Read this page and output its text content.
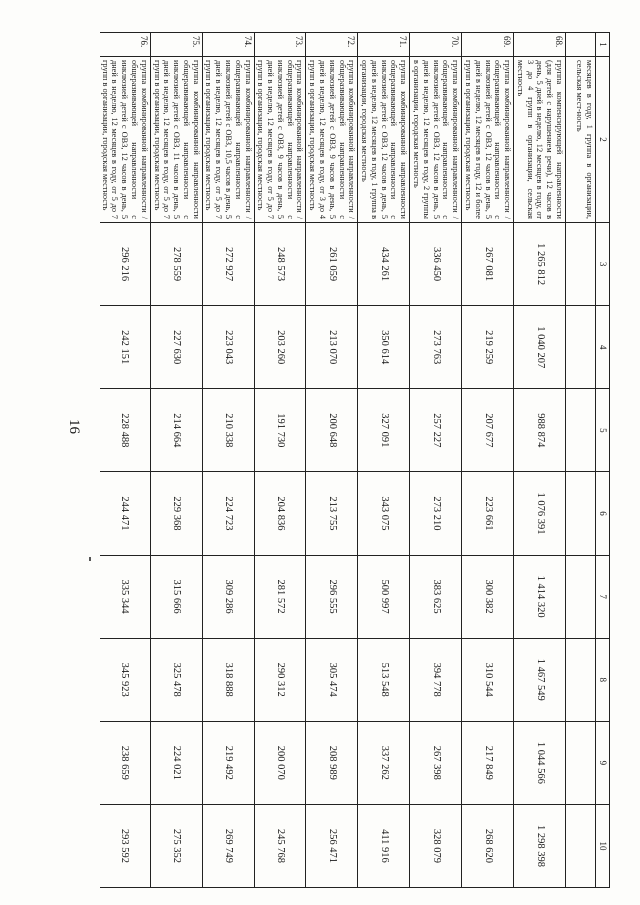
16
1	2	3	4	5	6	7	8	9	10
	месяцев в году, 1 группа в организации, сельская мест-ность								
68.	группа компенсирующей направленности (для детей с нарушением речи), 12 часов в день, 5 дней в неделю, 12 месяцев в году, от 3 до 4 групп в организации, сельская местность	1 265 812	1 040 207	988 874	1 076 391	1 414 320	1 467 549	1 044 566	1 298 398
69.	группа комбинированной направленности / общеразвивающей направленности с инклюзией детей с ОВЗ, 12 часов в день, 5 дней в неделю, 12 месяцев в году, 12 и более групп в организации, городская местность	267 081	219 259	207 677	223 661	300 382	310 544	217 849	268 620
70.	группа комбинированной направленности / общеразвивающей направленности с инклюзией детей с ОВЗ, 12 часов в день, 5 дней в неделю, 12 месяцев в году, 2 группы в организации, городская местность	336 450	273 763	257 227	273 210	383 625	394 778	267 398	328 079
71.	группа комбинированной направленности общеразвивающей направленности с инклюзией детей с ОВЗ, 12 часов в день, 5 дней в неделю, 12 месяцев в году, 1 группа в организации, городская местность	434 261	350 614	327 091	343 075	500 997	513 548	337 262	411 916
72.	группа комбинированной направленности / общеразвивающей направленности с инклюзией детей с ОВЗ, 9 часов в день, 5 дней в неделю, 12 месяцев в году, от 3 до 4 групп в организации, городская местность	261 059	213 070	200 648	213 755	296 555	305 474	208 989	256 471
73.	группа комбинированной направленности / общеразвивающей направленности с инклюзией детей с ОВЗ, 9 часов в день, 5 дней в неделю, 12 месяцев в году, от 5 до 7 групп в организации, городская местность	248 573	203 260	191 730	204 836	281 572	290 312	200 070	245 768
74.	группа комбинированной направленности / общеразвивающей направленности с инклюзией детей с ОВЗ, 10,5 часов в день, 5 дней в неделю, 12 месяцев в году, от 5 до 7 групп в организации, городская местность	272 927	223 043	210 338	224 723	309 286	318 888	219 492	269 749
75.	группа комбинированной направленности общеразвивающей направленности с инклюзией детей с ОВЗ, 11 часов в день, 5 дней в неделю, 12 месяцев в году, от 5 до 7 групп в организации, городская местность	278 559	227 630	214 664	229 368	315 666	325 478	224 021	275 352
76.	группа комбинированной направленности / общеразвивающей направленности с инклюзией детей с ОВЗ, 12 часов в день, 5 дней в неделю, 12 месяцев в году, от 5 до 7 групп в организации, городская местность	296 216	242 151	228 488	244 471	335 344	345 923	238 659	293 592
